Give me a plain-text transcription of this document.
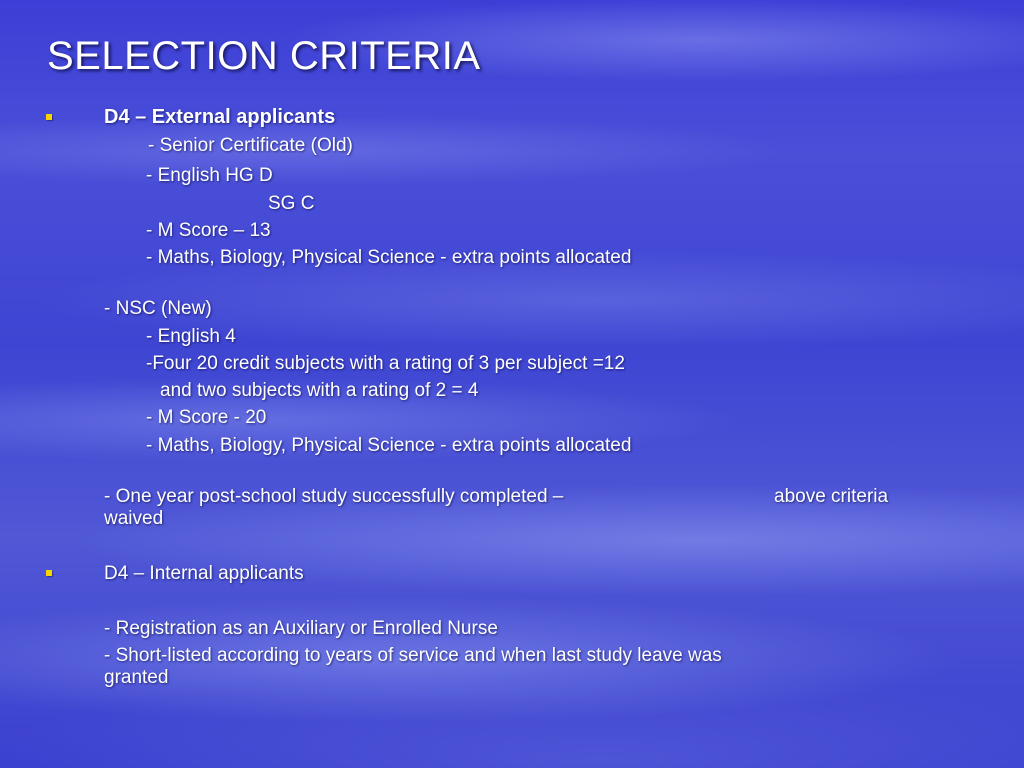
SELECTION CRITERIA
D4 – External applicants
- Senior Certificate (Old)
- English HG D
SG C
- M Score – 13
- Maths, Biology, Physical Science - extra points allocated
- NSC (New)
- English 4
-Four 20 credit subjects with a rating of 3 per subject =12
and two subjects with a rating of 2 = 4
- M Score - 20
- Maths, Biology, Physical Science - extra points allocated
- One year post-school study successfully completed –	above criteria
waived
D4 – Internal applicants
- Registration as an Auxiliary or Enrolled Nurse
- Short-listed according to years of service and when last study leave was
granted
